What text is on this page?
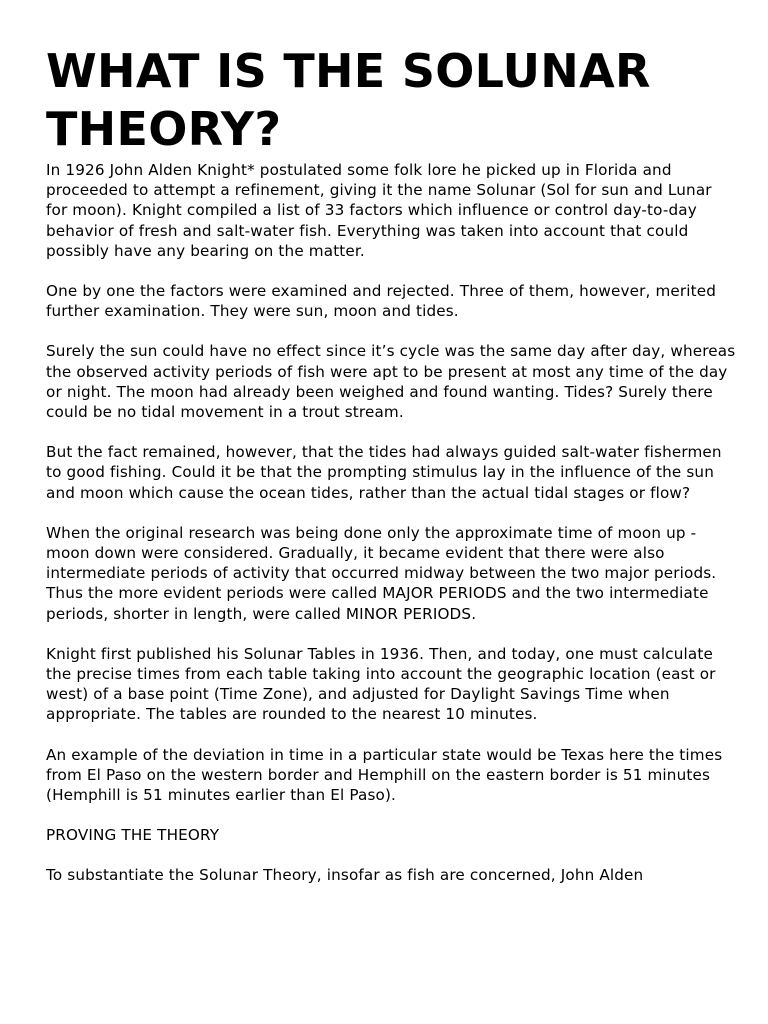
WHAT IS THE SOLUNAR
THEORY?

In 1926 John Alden Knight* postulated some folk lore he picked up in Florida and proceeded to attempt a refinement, giving it the name Solunar (Sol for sun and Lunar for moon). Knight compiled a list of 33 factors which influence or control day-to-day behavior of fresh and salt-water fish. Everything was taken into account that could possibly have any bearing on the matter.

One by one the factors were examined and rejected. Three of them, however, merited further examination. They were sun, moon and tides.

Surely the sun could have no effect since it’s cycle was the same day after day, whereas the observed activity periods of fish were apt to be present at most any time of the day or night. The moon had already been weighed and found wanting. Tides? Surely there could be no tidal movement in a trout stream.

But the fact remained, however, that the tides had always guided salt-water fishermen to good fishing. Could it be that the prompting stimulus lay in the influence of the sun and moon which cause the ocean tides, rather than the actual tidal stages or flow?

When the original research was being done only the approximate time of moon up - moon down were considered. Gradually, it became evident that there were also intermediate periods of activity that occurred midway between the two major periods. Thus the more evident periods were called MAJOR PERIODS and the two intermediate periods, shorter in length, were called MINOR PERIODS.

Knight first published his Solunar Tables in 1936. Then, and today, one must calculate the precise times from each table taking into account the geographic location (east or west) of a base point (Time Zone), and adjusted for Daylight Savings Time when appropriate. The tables are rounded to the nearest 10 minutes.

An example of the deviation in time in a particular state would be Texas here the times from El Paso on the western border and Hemphill on the eastern border is 51 minutes (Hemphill is 51 minutes earlier than El Paso).

PROVING THE THEORY

To substantiate the Solunar Theory, insofar as fish are concerned, John Alden
